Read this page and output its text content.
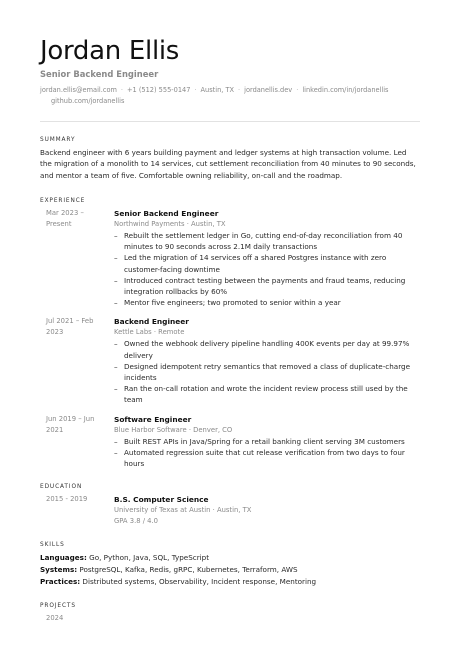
Jordan Ellis
Senior Backend Engineer
jordan.ellis@email.com · +1 (512) 555-0147 · Austin, TX · jordanellis.dev · linkedin.com/in/jordanellis
github.com/jordanellis
SUMMARY

Backend engineer with 6 years building payment and ledger systems at high transaction volume. Led the migration of a monolith to 14 services, cut settlement reconciliation from 40 minutes to 90 seconds, and mentor a team of five. Comfortable owning reliability, on-call and the roadmap.

EXPERIENCE
Mar 2023 –
Present
Senior Backend Engineer
Northwind Payments · Austin, TX
– Rebuilt the settlement ledger in Go, cutting end-of-day reconciliation from 40 minutes to 90 seconds across 2.1M daily transactions
– Led the migration of 14 services off a shared Postgres instance with zero customer-facing downtime
– Introduced contract testing between the payments and fraud teams, reducing integration rollbacks by 60%
– Mentor five engineers; two promoted to senior within a year
Jul 2021 – Feb
2023
Backend Engineer
Kettle Labs · Remote
– Owned the webhook delivery pipeline handling 400K events per day at 99.97% delivery
– Designed idempotent retry semantics that removed a class of duplicate-charge incidents
– Ran the on-call rotation and wrote the incident review process still used by the team
Jun 2019 – Jun
2021
Software Engineer
Blue Harbor Software · Denver, CO
– Built REST APIs in Java/Spring for a retail banking client serving 3M customers
– Automated regression suite that cut release verification from two days to four hours
EDUCATION
2015 - 2019	B.S. Computer Science
University of Texas at Austin · Austin, TX
GPA 3.8 / 4.0
SKILLS

Languages: Go, Python, Java, SQL, TypeScript

Systems: PostgreSQL, Kafka, Redis, gRPC, Kubernetes, Terraform, AWS

Practices: Distributed systems, Observability, Incident response, Mentoring

PROJECTS
2024
